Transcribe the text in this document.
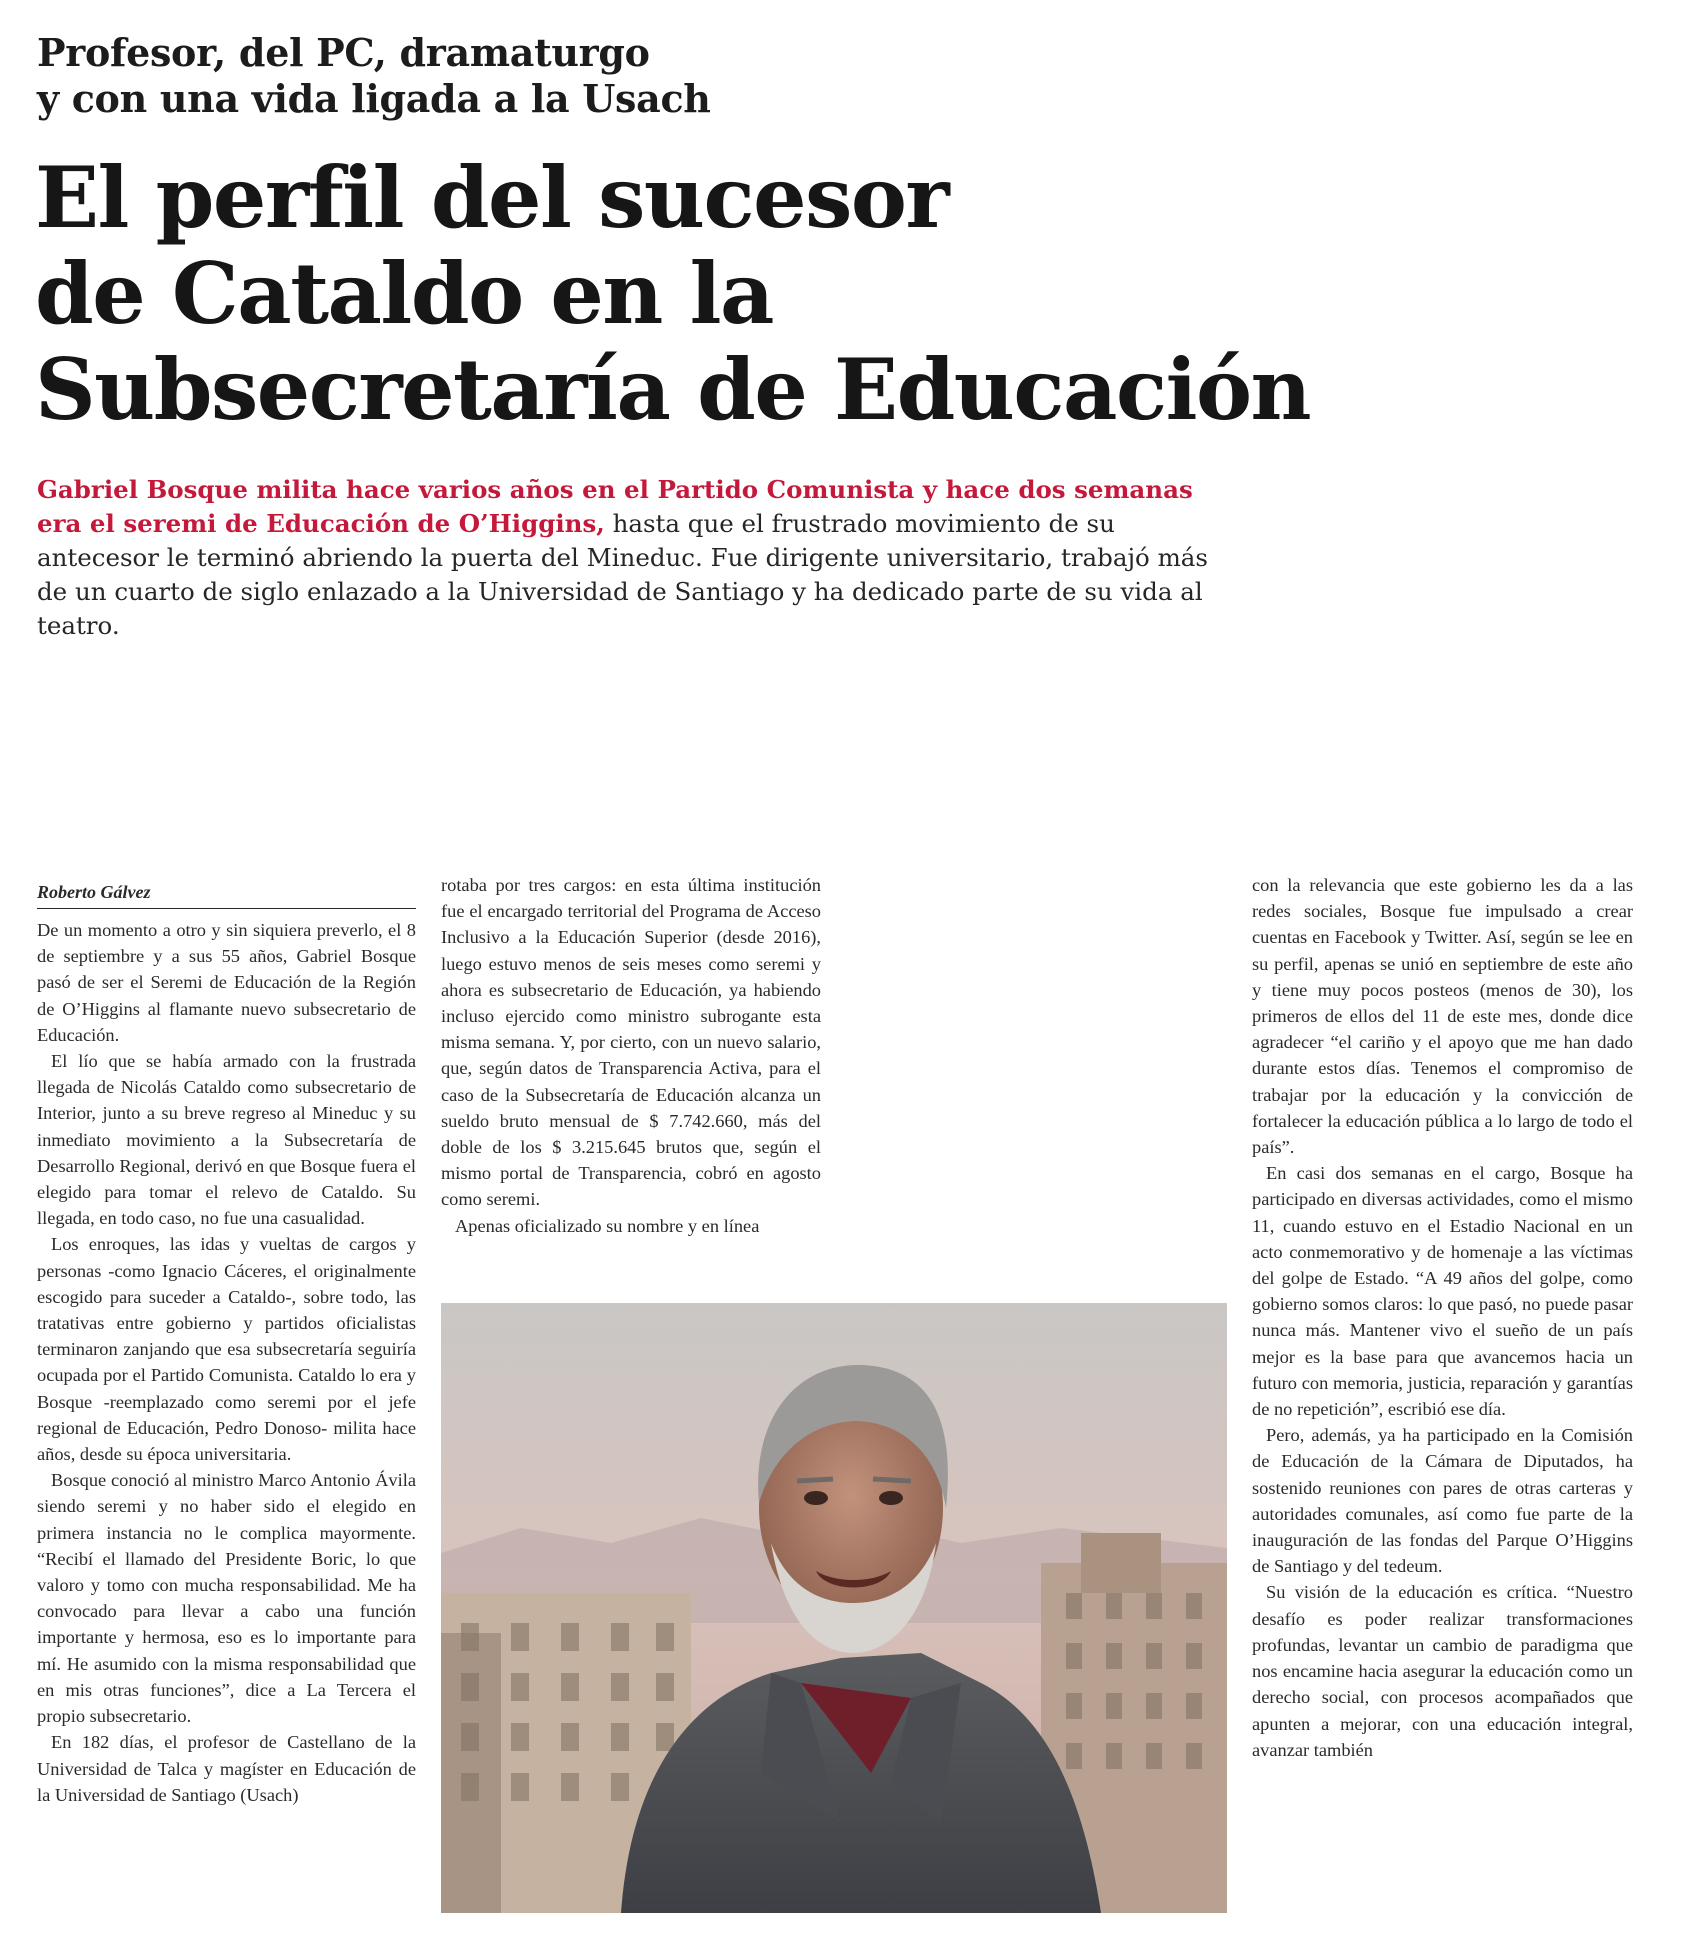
Profesor, del PC, dramaturgo
y con una vida ligada a la Usach
El perfil del sucesor
de Cataldo en la
Subsecretaría de Educación
Gabriel Bosque milita hace varios años en el Partido Comunista y hace dos semanas era el seremi de Educación de O’Higgins, hasta que el frustrado movimiento de su antecesor le terminó abriendo la puerta del Mineduc. Fue dirigente universitario, trabajó más de un cuarto de siglo enlazado a la Universidad de Santiago y ha dedicado parte de su vida al teatro.
Roberto Gálvez

De un momento a otro y sin siquiera preverlo, el 8 de septiembre y a sus 55 años, Gabriel Bosque pasó de ser el Seremi de Educación de la Región de O’Higgins al flamante nuevo subsecretario de Educación.

El lío que se había armado con la frustrada llegada de Nicolás Cataldo como subsecretario de Interior, junto a su breve regreso al Mineduc y su inmediato movimiento a la Subsecretaría de Desarrollo Regional, derivó en que Bosque fuera el elegido para tomar el relevo de Cataldo. Su llegada, en todo caso, no fue una casualidad.

Los enroques, las idas y vueltas de cargos y personas -como Ignacio Cáceres, el originalmente escogido para suceder a Cataldo-, sobre todo, las tratativas entre gobierno y partidos oficialistas terminaron zanjando que esa subsecretaría seguiría ocupada por el Partido Comunista. Cataldo lo era y Bosque -reemplazado como seremi por el jefe regional de Educación, Pedro Donoso- milita hace años, desde su época universitaria.

Bosque conoció al ministro Marco Antonio Ávila siendo seremi y no haber sido el elegido en primera instancia no le complica mayormente. “Recibí el llamado del Presidente Boric, lo que valoro y tomo con mucha responsabilidad. Me ha convocado para llevar a cabo una función importante y hermosa, eso es lo importante para mí. He asumido con la misma responsabilidad que en mis otras funciones”, dice a La Tercera el propio subsecretario.

En 182 días, el profesor de Castellano de la Universidad de Talca y magíster en Educación de la Universidad de Santiago (Usach)

rotaba por tres cargos: en esta última institución fue el encargado territorial del Programa de Acceso Inclusivo a la Educación Superior (desde 2016), luego estuvo menos de seis meses como seremi y ahora es subsecretario de Educación, ya habiendo incluso ejercido como ministro subrogante esta misma semana. Y, por cierto, con un nuevo salario, que, según datos de Transparencia Activa, para el caso de la Subsecretaría de Educación alcanza un sueldo bruto mensual de $ 7.742.660, más del doble de los $ 3.215.645 brutos que, según el mismo portal de Transparencia, cobró en agosto como seremi.

Apenas oficializado su nombre y en línea

con la relevancia que este gobierno les da a las redes sociales, Bosque fue impulsado a crear cuentas en Facebook y Twitter. Así, según se lee en su perfil, apenas se unió en septiembre de este año y tiene muy pocos posteos (menos de 30), los primeros de ellos del 11 de este mes, donde dice agradecer “el cariño y el apoyo que me han dado durante estos días. Tenemos el compromiso de trabajar por la educación y la convicción de fortalecer la educación pública a lo largo de todo el país”.

En casi dos semanas en el cargo, Bosque ha participado en diversas actividades, como el mismo 11, cuando estuvo en el Estadio Nacional en un acto conmemorativo y de homenaje a las víctimas del golpe de Estado. “A 49 años del golpe, como gobierno somos claros: lo que pasó, no puede pasar nunca más. Mantener vivo el sueño de un país mejor es la base para que avancemos hacia un futuro con memoria, justicia, reparación y garantías de no repetición”, escribió ese día.

Pero, además, ya ha participado en la Comisión de Educación de la Cámara de Diputados, ha sostenido reuniones con pares de otras carteras y autoridades comunales, así como fue parte de la inauguración de las fondas del Parque O’Higgins de Santiago y del tedeum.

Su visión de la educación es crítica. “Nuestro desafío es poder realizar transformaciones profundas, levantar un cambio de paradigma que nos encamine hacia asegurar la educación como un derecho social, con procesos acompañados que apunten a mejorar, con una educación integral, avanzar también
